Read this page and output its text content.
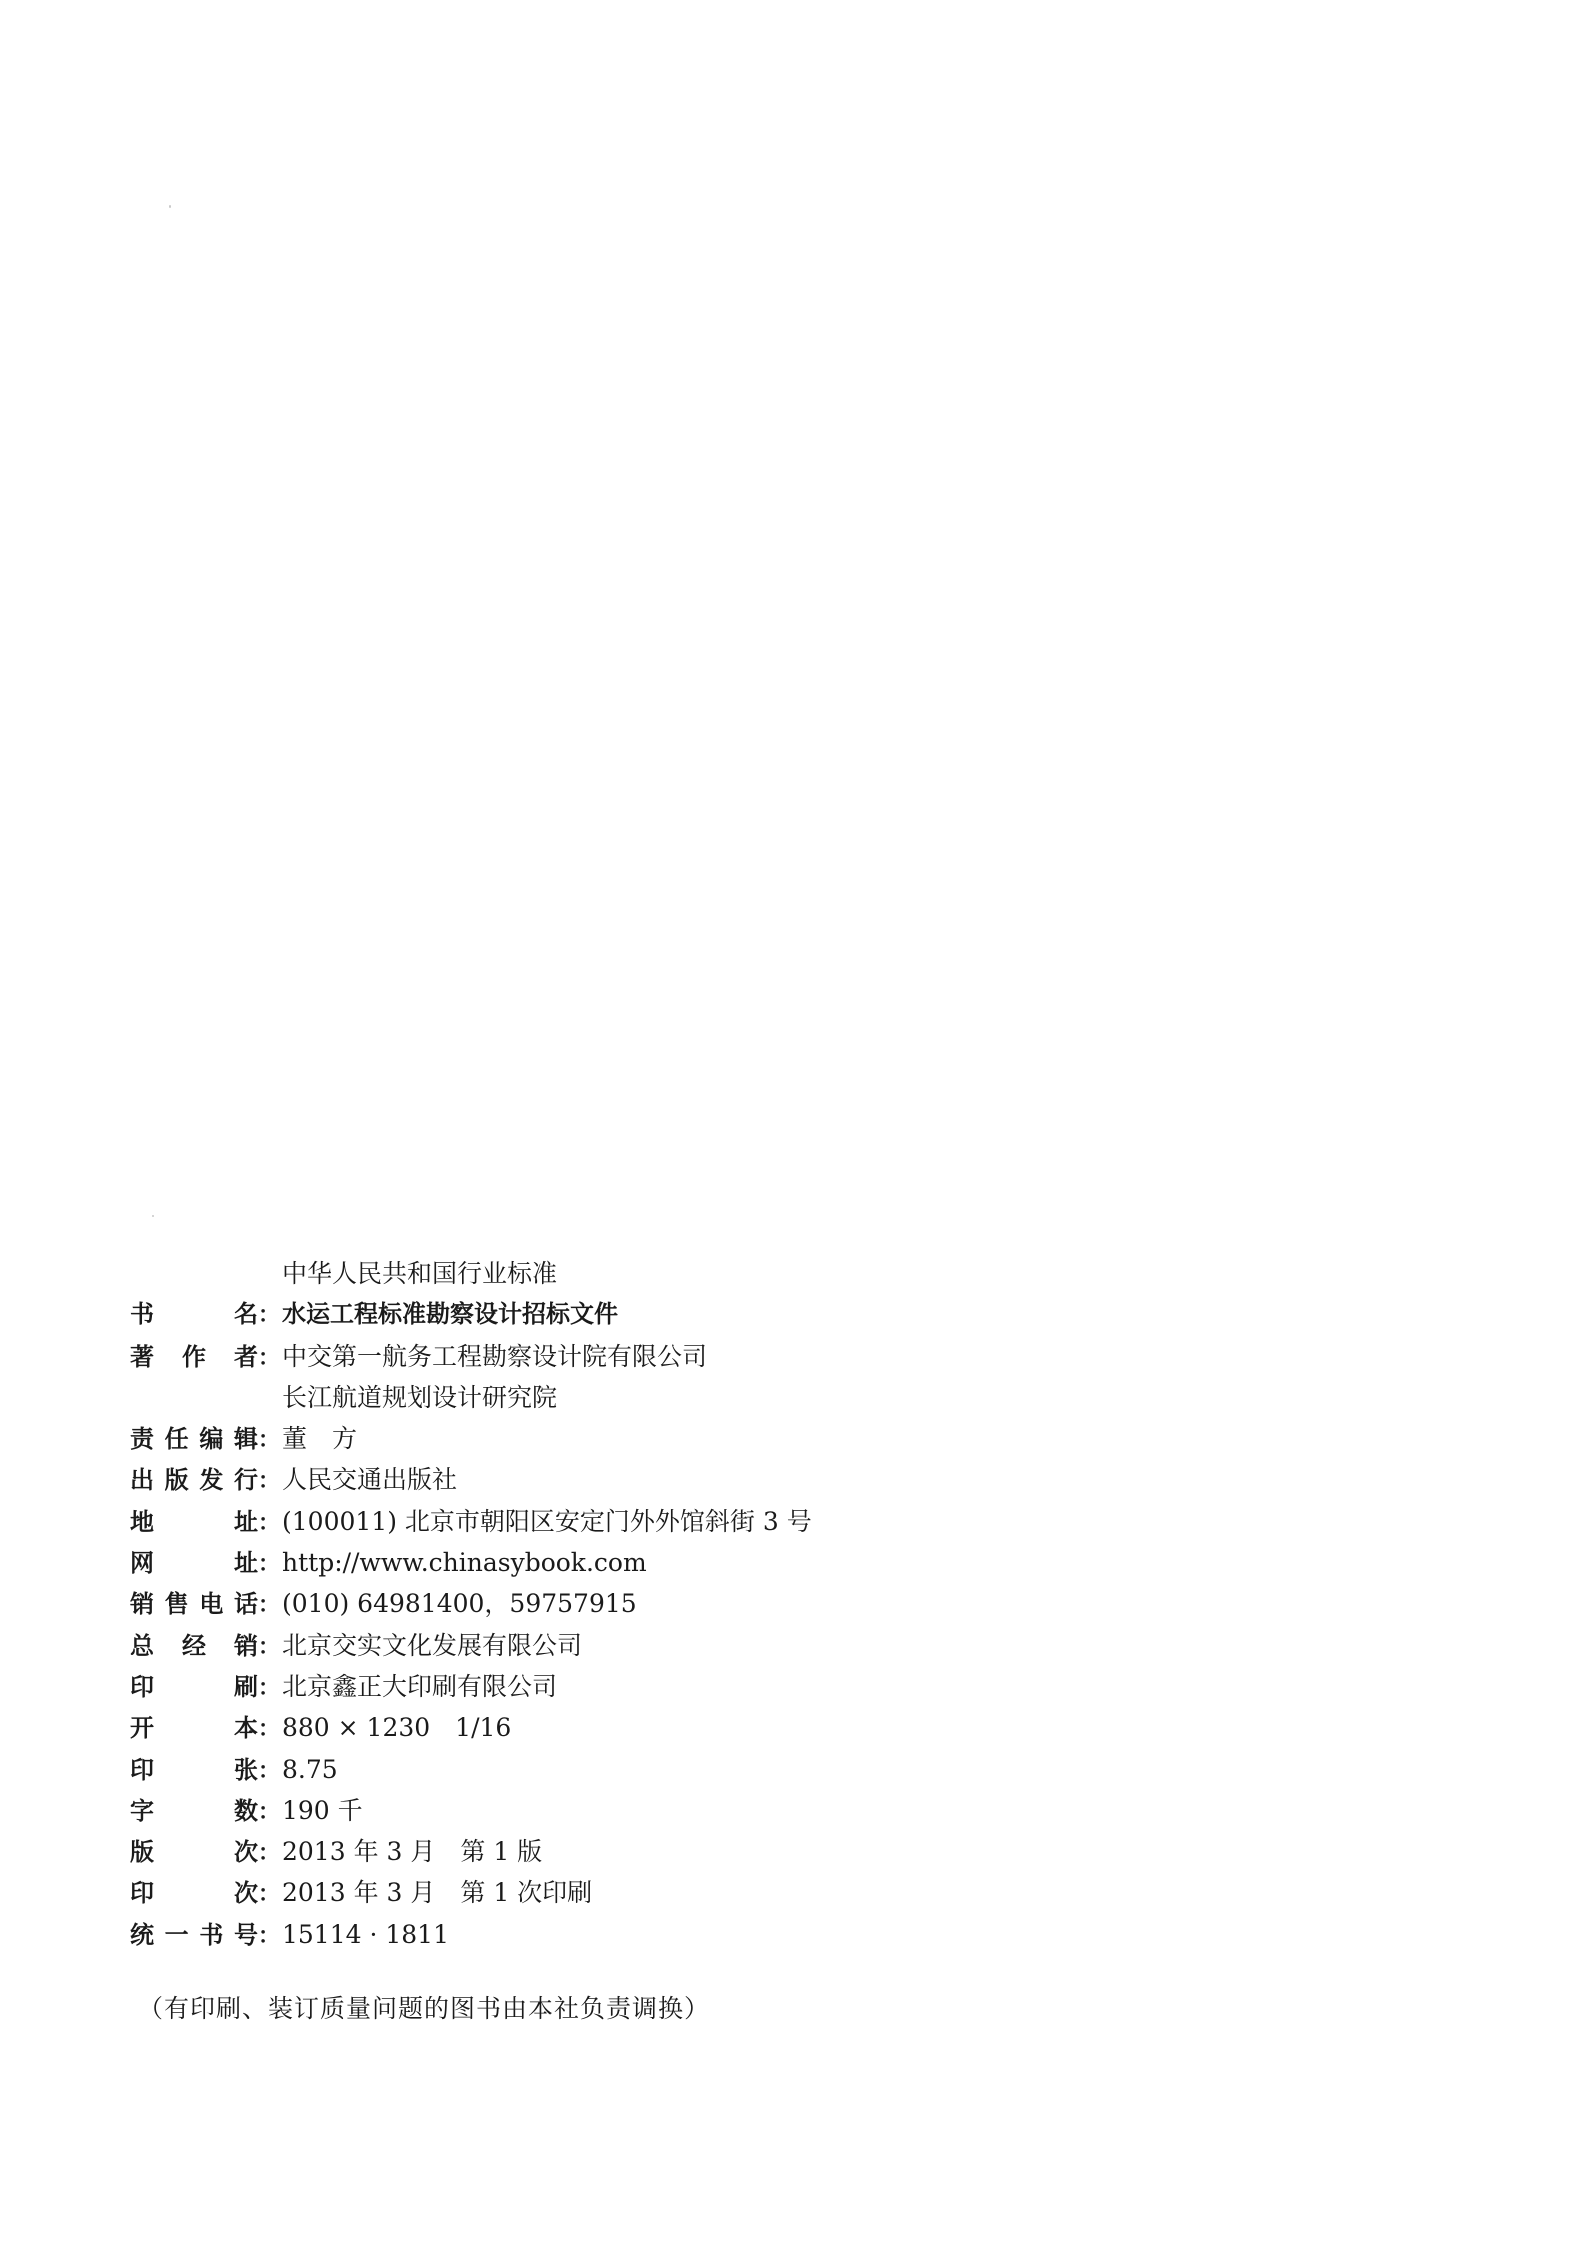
中华人民共和国行业标准
书	名 ： 水运工程标准勘察设计招标文件
著 作 者 ： 中交第一航务工程勘察设计院有限公司
长江航道规划设计研究院
责 任 编 辑 ： 董　方
出 版 发 行 ： 人民交通出版社
地	址 ： (100011) 北京市朝阳区安定门外外馆斜街 3 号
网	址 ： http://www.chinasybook.com
销 售 电 话 ： (010) 64981400，59757915
总 经 销 ： 北京交实文化发展有限公司
印	刷 ： 北京鑫正大印刷有限公司
开	本 ： 880 × 1230　1/16
印	张 ： 8.75
字	数 ： 190 千
版	次 ： 2013 年 3 月　第 1 版
印	次 ： 2013 年 3 月　第 1 次印刷
统 一 书 号 ： 15114 · 1811
（有印刷、装订质量问题的图书由本社负责调换）
